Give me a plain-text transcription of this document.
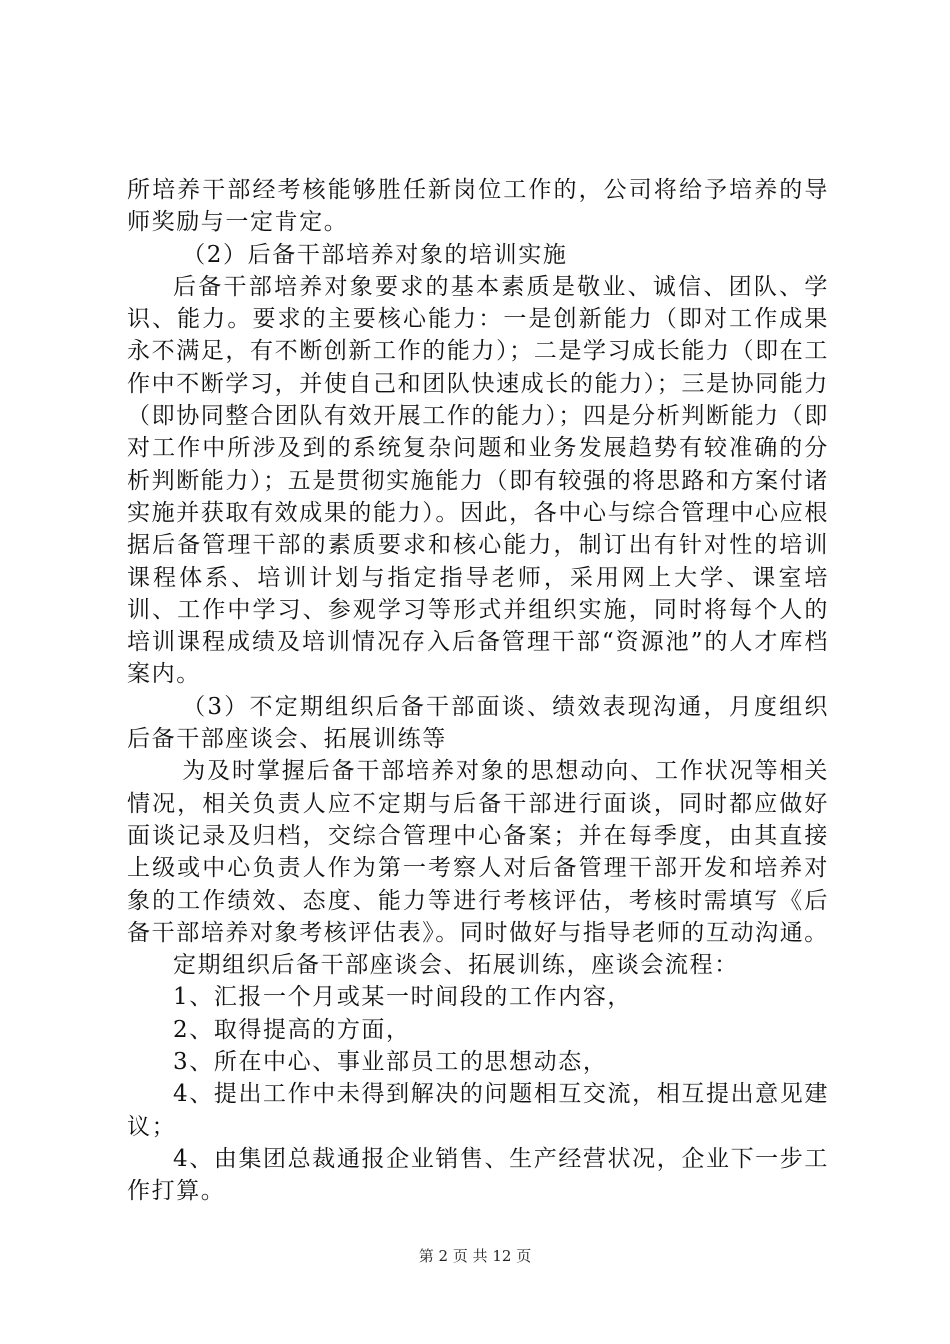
所培养干部经考核能够胜任新岗位工作的，公司将给予培养的导师奖励与一定肯定。

（2）后备干部培养对象的培训实施

后备干部培养对象要求的基本素质是敬业、诚信、团队、学识、能力。要求的主要核心能力：一是创新能力（即对工作成果永不满足，有不断创新工作的能力）；二是学习成长能力（即在工作中不断学习，并使自己和团队快速成长的能力）；三是协同能力（即协同整合团队有效开展工作的能力）；四是分析判断能力（即对工作中所涉及到的系统复杂问题和业务发展趋势有较准确的分析判断能力）；五是贯彻实施能力（即有较强的将思路和方案付诸实施并获取有效成果的能力）。因此，各中心与综合管理中心应根据后备管理干部的素质要求和核心能力，制订出有针对性的培训课程体系、培训计划与指定指导老师，采用网上大学、课室培训、工作中学习、参观学习等形式并组织实施，同时将每个人的培训课程成绩及培训情况存入后备管理干部“资源池”的人才库档案内。

（3）不定期组织后备干部面谈、绩效表现沟通，月度组织后备干部座谈会、拓展训练等

为及时掌握后备干部培养对象的思想动向、工作状况等相关情况，相关负责人应不定期与后备干部进行面谈，同时都应做好面谈记录及归档，交综合管理中心备案；并在每季度，由其直接上级或中心负责人作为第一考察人对后备管理干部开发和培养对象的工作绩效、态度、能力等进行考核评估，考核时需填写《后备干部培养对象考核评估表》。同时做好与指导老师的互动沟通。

定期组织后备干部座谈会、拓展训练，座谈会流程：

1、汇报一个月或某一时间段的工作内容，

2、取得提高的方面，

3、所在中心、事业部员工的思想动态，

4、提出工作中未得到解决的问题相互交流，相互提出意见建议；

4、由集团总裁通报企业销售、生产经营状况，企业下一步工作打算。

第 2 页 共 12 页
